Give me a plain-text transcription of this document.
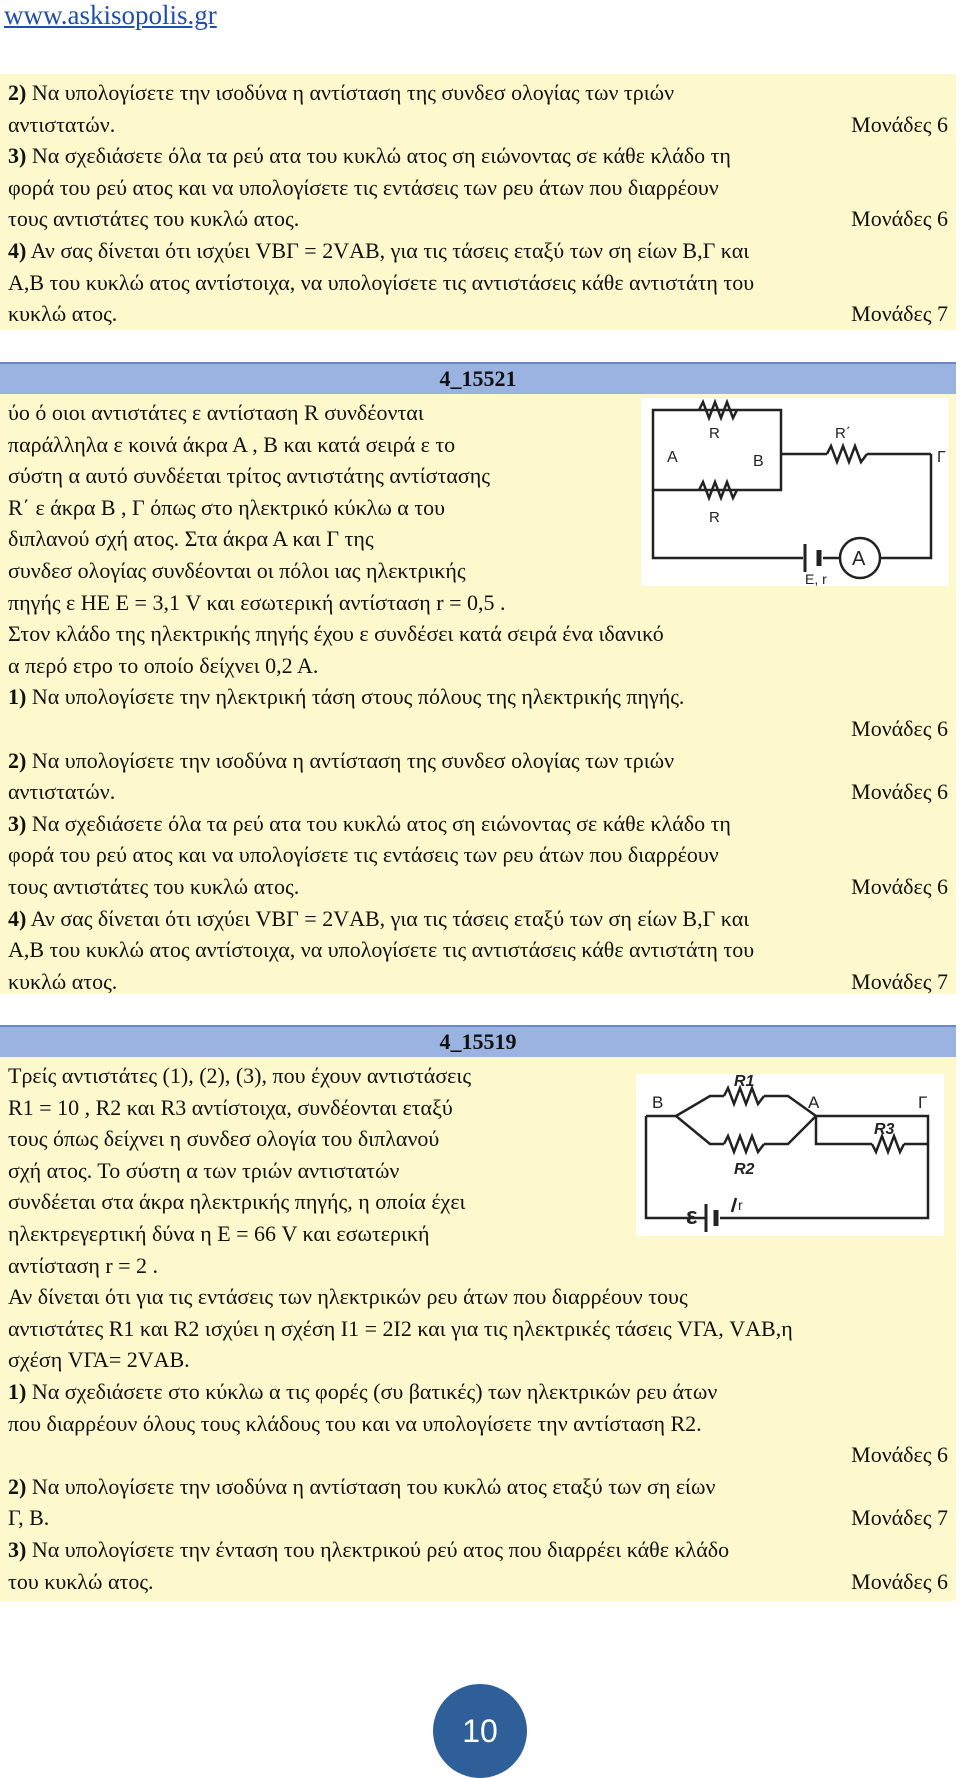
www.askisopolis.gr
2) Να υπολογίσετε την ισοδύνα η αντίσταση της συνδεσ ολογίας των τριών
αντιστατών.	Μονάδες 6
3) Να σχεδιάσετε όλα τα ρεύ ατα του κυκλώ ατος ση ειώνοντας σε κάθε κλάδο τη
φορά του ρεύ ατος και να υπολογίσετε τις εντάσεις των ρευ άτων που διαρρέουν
τους αντιστάτες του κυκλώ ατος.	Μονάδες 6
4) Αν σας δίνεται ότι ισχύει VΒΓ = 2VΑΒ, για τις τάσεις εταξύ των ση είων Β,Γ και
Α,Β του κυκλώ ατος αντίστοιχα, να υπολογίσετε τις αντιστάσεις κάθε αντιστάτη του
κυκλώ ατος.	Μονάδες 7
4_15521
ύο ό οιοι αντιστάτες ε αντίσταση R συνδέονται
παράλληλα ε κοινά άκρα Α , Β και κατά σειρά ε το
σύστη α αυτό συνδέεται τρίτος αντιστάτης αντίστασης
R΄ ε άκρα Β , Γ όπως στο ηλεκτρικό κύκλω α του
διπλανού σχή ατος. Στα άκρα Α και Γ της
συνδεσ ολογίας συνδέονται οι πόλοι ιας ηλεκτρικής
πηγής ε ΗΕ Ε = 3,1 V και εσωτερική αντίσταση r = 0,5 .
Στον κλάδο της ηλεκτρικής πηγής έχου ε συνδέσει κατά σειρά ένα ιδανικό
α περό ετρο το οποίο δείχνει 0,2 Α.
1) Να υπολογίσετε την ηλεκτρική τάση στους πόλους της ηλεκτρικής πηγής.
Μονάδες 6
2) Να υπολογίσετε την ισοδύνα η αντίσταση της συνδεσ ολογίας των τριών
αντιστατών.	Μονάδες 6
3) Να σχεδιάσετε όλα τα ρεύ ατα του κυκλώ ατος ση ειώνοντας σε κάθε κλάδο τη
φορά του ρεύ ατος και να υπολογίσετε τις εντάσεις των ρευ άτων που διαρρέουν
τους αντιστάτες του κυκλώ ατος.	Μονάδες 6
4) Αν σας δίνεται ότι ισχύει VΒΓ = 2VΑΒ, για τις τάσεις εταξύ των ση είων Β,Γ και
Α,Β του κυκλώ ατος αντίστοιχα, να υπολογίσετε τις αντιστάσεις κάθε αντιστάτη του
κυκλώ ατος.	Μονάδες 7
R
R
R΄
Α	Β	Γ
E, r
A
4_15519
Τρείς αντιστάτες (1), (2), (3), που έχουν αντιστάσεις
R1 = 10 , R2 και R3 αντίστοιχα, συνδέονται εταξύ
τους όπως δείχνει η συνδεσ ολογία του διπλανού
σχή ατος. Το σύστη α των τριών αντιστατών
συνδέεται στα άκρα ηλεκτρικής πηγής, η οποία έχει
ηλεκτρεγερτική δύνα η Ε = 66 V και εσωτερική
αντίσταση r = 2 .
Αν δίνεται ότι για τις εντάσεις των ηλεκτρικών ρευ άτων που διαρρέουν τους
αντιστάτες R1 και R2 ισχύει η σχέση I1 = 2I2 και για τις ηλεκτρικές τάσεις VΓΑ, VΑΒ,η
σχέση VΓΑ= 2VΑΒ.
1) Να σχεδιάσετε στο κύκλω α τις φορές (συ βατικές) των ηλεκτρικών ρευ άτων
που διαρρέουν όλους τους κλάδους του και να υπολογίσετε την αντίσταση R2.
Μονάδες 6
2) Να υπολογίσετε την ισοδύνα η αντίσταση του κυκλώ ατος εταξύ των ση είων
Γ, Β.	Μονάδες 7
3) Να υπολογίσετε την ένταση του ηλεκτρικού ρεύ ατος που διαρρέει κάθε κλάδο
του κυκλώ ατος.	Μονάδες 6
R1
R2
R3
Β	Α	Γ
ε	r
10
